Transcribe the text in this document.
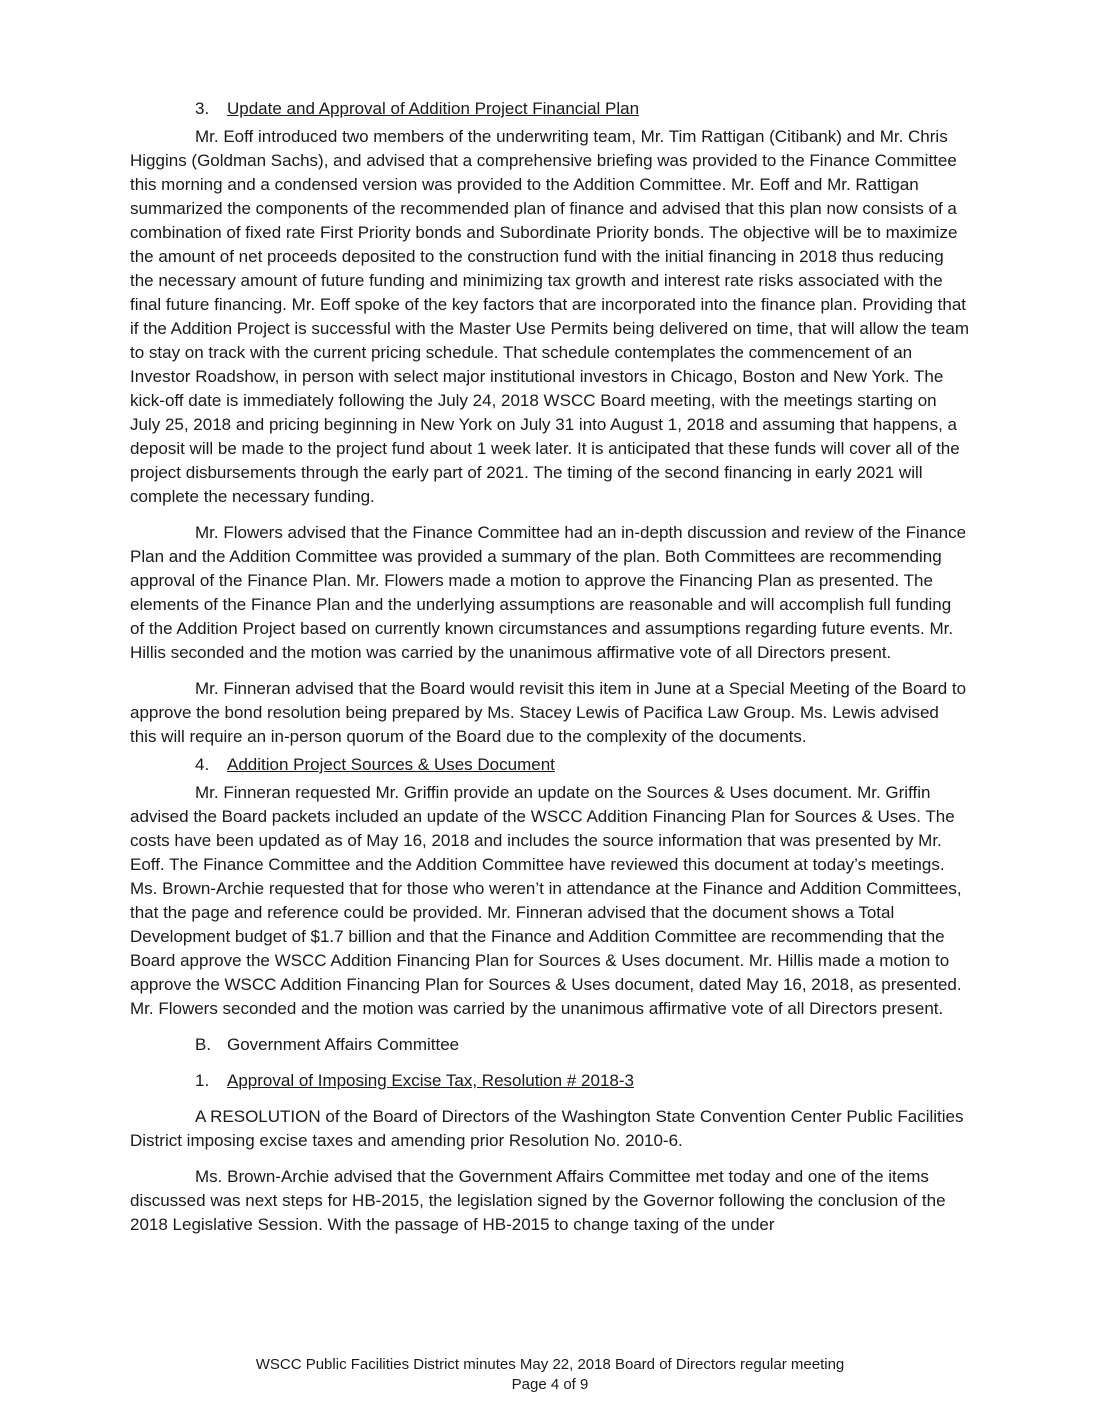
3. Update and Approval of Addition Project Financial Plan

Mr. Eoff introduced two members of the underwriting team, Mr. Tim Rattigan (Citibank) and Mr. Chris Higgins (Goldman Sachs), and advised that a comprehensive briefing was provided to the Finance Committee this morning and a condensed version was provided to the Addition Committee. Mr. Eoff and Mr. Rattigan summarized the components of the recommended plan of finance and advised that this plan now consists of a combination of fixed rate First Priority bonds and Subordinate Priority bonds. The objective will be to maximize the amount of net proceeds deposited to the construction fund with the initial financing in 2018 thus reducing the necessary amount of future funding and minimizing tax growth and interest rate risks associated with the final future financing. Mr. Eoff spoke of the key factors that are incorporated into the finance plan. Providing that if the Addition Project is successful with the Master Use Permits being delivered on time, that will allow the team to stay on track with the current pricing schedule. That schedule contemplates the commencement of an Investor Roadshow, in person with select major institutional investors in Chicago, Boston and New York. The kick-off date is immediately following the July 24, 2018 WSCC Board meeting, with the meetings starting on July 25, 2018 and pricing beginning in New York on July 31 into August 1, 2018 and assuming that happens, a deposit will be made to the project fund about 1 week later. It is anticipated that these funds will cover all of the project disbursements through the early part of 2021. The timing of the second financing in early 2021 will complete the necessary funding.

Mr. Flowers advised that the Finance Committee had an in-depth discussion and review of the Finance Plan and the Addition Committee was provided a summary of the plan. Both Committees are recommending approval of the Finance Plan. Mr. Flowers made a motion to approve the Financing Plan as presented. The elements of the Finance Plan and the underlying assumptions are reasonable and will accomplish full funding of the Addition Project based on currently known circumstances and assumptions regarding future events. Mr. Hillis seconded and the motion was carried by the unanimous affirmative vote of all Directors present.

Mr. Finneran advised that the Board would revisit this item in June at a Special Meeting of the Board to approve the bond resolution being prepared by Ms. Stacey Lewis of Pacifica Law Group. Ms. Lewis advised this will require an in-person quorum of the Board due to the complexity of the documents.

4. Addition Project Sources & Uses Document

Mr. Finneran requested Mr. Griffin provide an update on the Sources & Uses document. Mr. Griffin advised the Board packets included an update of the WSCC Addition Financing Plan for Sources & Uses. The costs have been updated as of May 16, 2018 and includes the source information that was presented by Mr. Eoff. The Finance Committee and the Addition Committee have reviewed this document at today’s meetings. Ms. Brown-Archie requested that for those who weren’t in attendance at the Finance and Addition Committees, that the page and reference could be provided. Mr. Finneran advised that the document shows a Total Development budget of $1.7 billion and that the Finance and Addition Committee are recommending that the Board approve the WSCC Addition Financing Plan for Sources & Uses document. Mr. Hillis made a motion to approve the WSCC Addition Financing Plan for Sources & Uses document, dated May 16, 2018, as presented. Mr. Flowers seconded and the motion was carried by the unanimous affirmative vote of all Directors present.

B. Government Affairs Committee
1. Approval of Imposing Excise Tax, Resolution # 2018-3

A RESOLUTION of the Board of Directors of the Washington State Convention Center Public Facilities District imposing excise taxes and amending prior Resolution No. 2010-6.

Ms. Brown-Archie advised that the Government Affairs Committee met today and one of the items discussed was next steps for HB-2015, the legislation signed by the Governor following the conclusion of the 2018 Legislative Session. With the passage of HB-2015 to change taxing of the under

WSCC Public Facilities District minutes May 22, 2018 Board of Directors regular meeting
Page 4 of 9
